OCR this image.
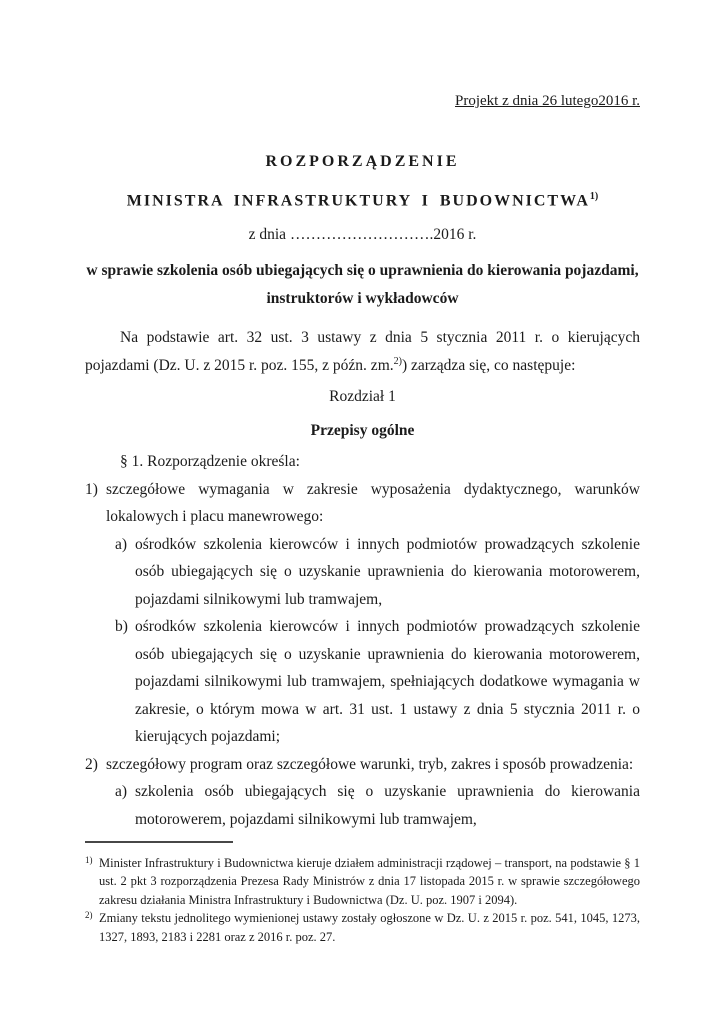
Projekt z dnia 26 lutego2016 r.
ROZPORZĄDZENIE
MINISTRA INFRASTRUKTURY I BUDOWNICTWA$^{1)}$
z dnia ……………………….2016 r.
w sprawie szkolenia osób ubiegających się o uprawnienia do kierowania pojazdami,
instruktorów i wykładowców
Na podstawie art. 32 ust. 3 ustawy z dnia 5 stycznia 2011 r. o kierujących pojazdami (Dz. U. z 2015 r. poz. 155, z późn. zm.$^{2)}$) zarządza się, co następuje:
Rozdział 1
Przepisy ogólne
§ 1. Rozporządzenie określa:
1) szczegółowe wymagania w zakresie wyposażenia dydaktycznego, warunków lokalowych i placu manewrowego:
a) ośrodków szkolenia kierowców i innych podmiotów prowadzących szkolenie osób ubiegających się o uzyskanie uprawnienia do kierowania motorowerem, pojazdami silnikowymi lub tramwajem,
b) ośrodków szkolenia kierowców i innych podmiotów prowadzących szkolenie osób ubiegających się o uzyskanie uprawnienia do kierowania motorowerem, pojazdami silnikowymi lub tramwajem, spełniających dodatkowe wymagania w zakresie, o którym mowa w art. 31 ust. 1 ustawy z dnia 5 stycznia 2011 r. o kierujących pojazdami;
2) szczegółowy program oraz szczegółowe warunki, tryb, zakres i sposób prowadzenia:
a) szkolenia osób ubiegających się o uzyskanie uprawnienia do kierowania motorowerem, pojazdami silnikowymi lub tramwajem,
1) Minister Infrastruktury i Budownictwa kieruje działem administracji rządowej – transport, na podstawie § 1 ust. 2 pkt 3 rozporządzenia Prezesa Rady Ministrów z dnia 17 listopada 2015 r. w sprawie szczegółowego zakresu działania Ministra Infrastruktury i Budownictwa (Dz. U. poz. 1907 i 2094).
2) Zmiany tekstu jednolitego wymienionej ustawy zostały ogłoszone w Dz. U. z 2015 r. poz. 541, 1045, 1273, 1327, 1893, 2183 i 2281 oraz z 2016 r. poz. 27.
